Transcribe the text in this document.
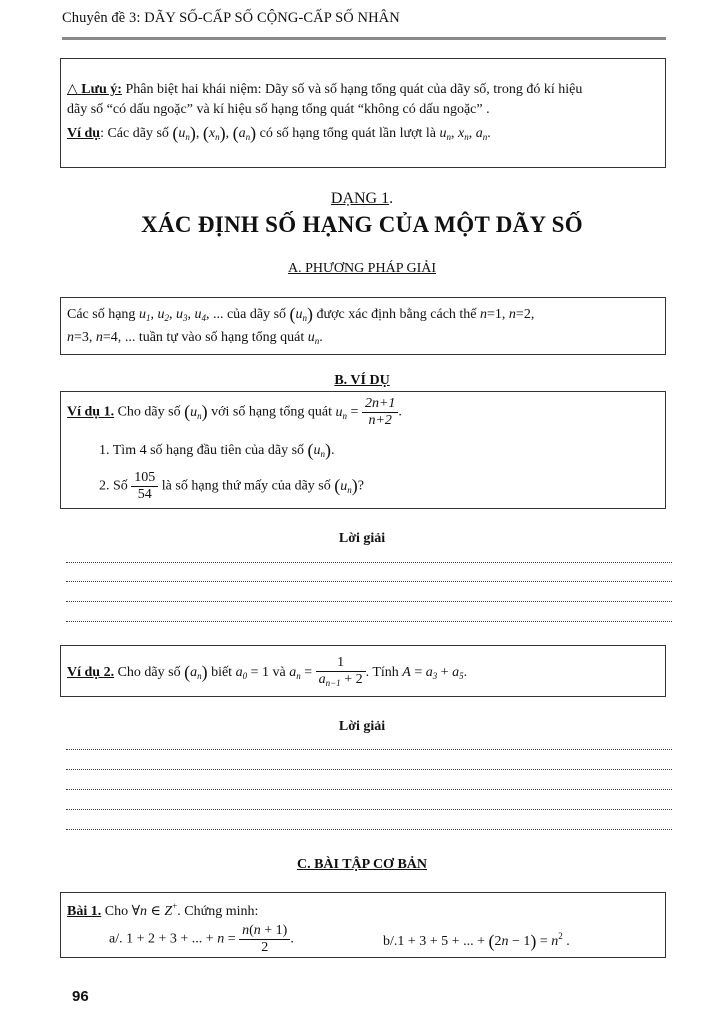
Chuyên đề 3: DÃY SỐ-CẤP SỐ CỘNG-CẤP SỐ NHÂN
△ Lưu ý: Phân biệt hai khái niệm: Dãy số và số hạng tổng quát của dãy số, trong đó kí hiệu
dãy số “có dấu ngoặc” và kí hiệu số hạng tổng quát “không có dấu ngoặc” .
Ví dụ: Các dãy số $(u_n)$, $(x_n)$, $(a_n)$ có số hạng tổng quát lần lượt là $u_n$, $x_n$, $a_n$.
DẠNG 1.
XÁC ĐỊNH SỐ HẠNG CỦA MỘT DÃY SỐ
A. PHƯƠNG PHÁP GIẢI
Các số hạng $u_1$, $u_2$, $u_3$, $u_4$, ... của dãy số $(u_n)$ được xác định bằng cách thế n=1, n=2,
n=3, n=4, ... tuần tự vào số hạng tổng quát $u_n$.
B. VÍ DỤ
Ví dụ 1. Cho dãy số $(u_n)$ với số hạng tổng quát $u_n = \frac{2n+1}{n+2}$ .
1. Tìm 4 số hạng đầu tiên của dãy số $(u_n)$.
2. Số $\frac{105}{54}$ là số hạng thứ mấy của dãy số $(u_n)$?
Lời giải
Ví dụ 2. Cho dãy số $(a_n)$ biết $a_0 = 1$ và $a_n = \frac{1}{a_{n-1} + 2}$ . Tính $A = a_3 + a_5$.
Lời giải
C. BÀI TẬP CƠ BẢN
Bài 1. Cho ∀n ∈ Z+. Chứng minh:
a/. 1 + 2 + 3 + ... + $n = \frac{n(n + 1)}{2}$ .	b/.1 + 3 + 5 + ... + $(2n - 1) = n^2$ .
96
